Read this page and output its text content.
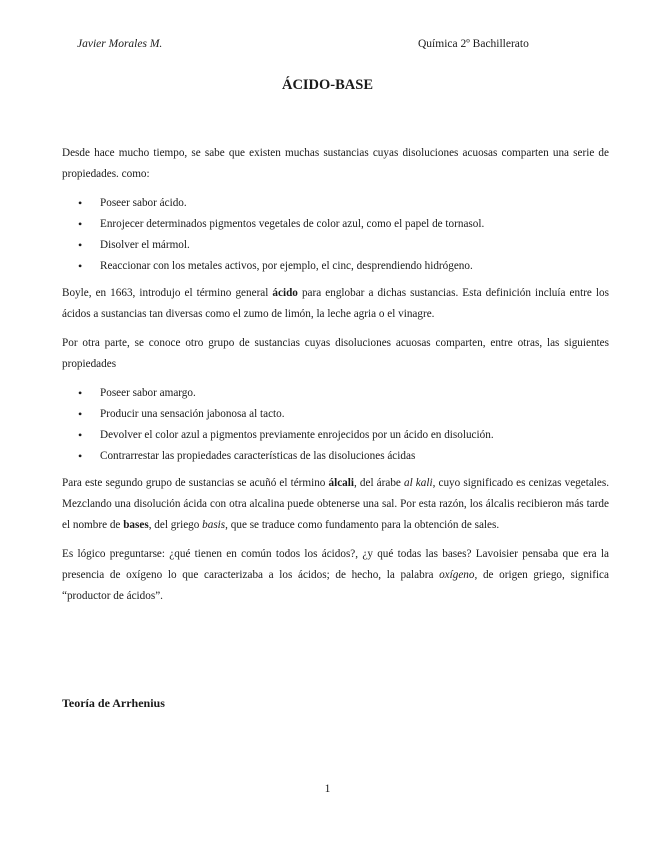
Javier Morales M.	Química 2º Bachillerato
ÁCIDO-BASE

Desde hace mucho tiempo, se sabe que existen muchas sustancias cuyas disoluciones acuosas comparten una serie de propiedades. como:

• Poseer sabor ácido.
• Enrojecer determinados pigmentos vegetales de color azul, como el papel de tornasol.
• Disolver el mármol.
• Reaccionar con los metales activos, por ejemplo, el cinc, desprendiendo hidrógeno.

Boyle, en 1663, introdujo el término general ácido para englobar a dichas sustancias. Esta definición incluía entre los ácidos a sustancias tan diversas como el zumo de limón, la leche agria o el vinagre.

Por otra parte, se conoce otro grupo de sustancias cuyas disoluciones acuosas comparten, entre otras, las siguientes propiedades

• Poseer sabor amargo.
• Producir una sensación jabonosa al tacto.
• Devolver el color azul a pigmentos previamente enrojecidos por un ácido en disolución.
• Contrarrestar las propiedades características de las disoluciones ácidas

Para este segundo grupo de sustancias se acuñó el término álcali, del árabe al kali, cuyo significado es cenizas vegetales. Mezclando una disolución ácida con otra alcalina puede obtenerse una sal. Por esta razón, los álcalis recibieron más tarde el nombre de bases, del griego basis, que se traduce como fundamento para la obtención de sales.

Es lógico preguntarse: ¿qué tienen en común todos los ácidos?, ¿y qué todas las bases? Lavoisier pensaba que era la presencia de oxígeno lo que caracterizaba a los ácidos; de hecho, la palabra oxígeno, de origen griego, significa “productor de ácidos”.

Teoría de Arrhenius
1
